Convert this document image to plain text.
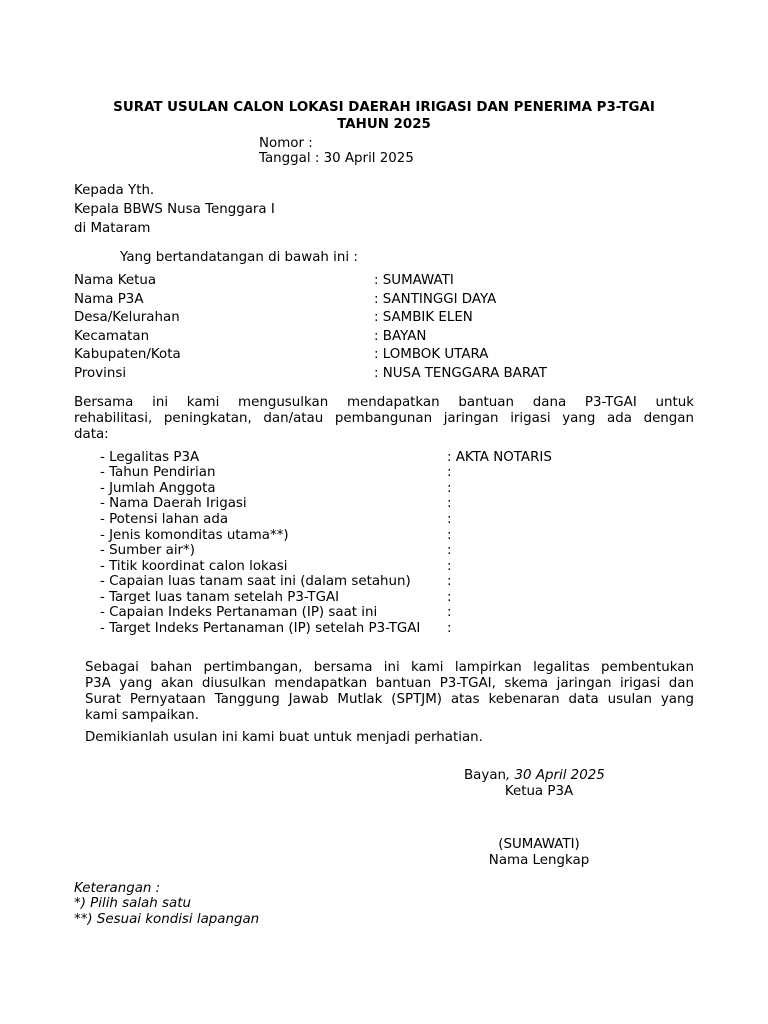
SURAT USULAN CALON LOKASI DAERAH IRIGASI DAN PENERIMA P3-TGAI
TAHUN 2025
Nomor :
Tanggal : 30 April 2025
Kepada Yth.
Kepala BBWS Nusa Tenggara I
di Mataram
Yang bertandatangan di bawah ini :
Nama Ketua	: SUMAWATI
Nama P3A	: SANTINGGI DAYA
Desa/Kelurahan	: SAMBIK ELEN
Kecamatan	: BAYAN
Kabupaten/Kota	: LOMBOK UTARA
Provinsi	: NUSA TENGGARA BARAT
Bersama ini kami mengusulkan mendapatkan bantuan dana P3-TGAI untuk
rehabilitasi, peningkatan, dan/atau pembangunan jaringan irigasi yang ada dengan
data:
- Legalitas P3A	: AKTA NOTARIS
- Tahun Pendirian	:
- Jumlah Anggota	:
- Nama Daerah Irigasi	:
- Potensi lahan ada	:
- Jenis komonditas utama**)	:
- Sumber air*)	:
- Titik koordinat calon lokasi	:
- Capaian luas tanam saat ini (dalam setahun)	:
- Target luas tanam setelah P3-TGAI	:
- Capaian Indeks Pertanaman (IP) saat ini	:
- Target Indeks Pertanaman (IP) setelah P3-TGAI :
Sebagai bahan pertimbangan, bersama ini kami lampirkan legalitas pembentukan
P3A yang akan diusulkan mendapatkan bantuan P3-TGAI, skema jaringan irigasi dan
Surat Pernyataan Tanggung Jawab Mutlak (SPTJM) atas kebenaran data usulan yang
kami sampaikan.
Demikianlah usulan ini kami buat untuk menjadi perhatian.
Bayan, 30 April 2025
Ketua P3A
(SUMAWATI)
Nama Lengkap
Keterangan :
*) Pilih salah satu
**) Sesuai kondisi lapangan
